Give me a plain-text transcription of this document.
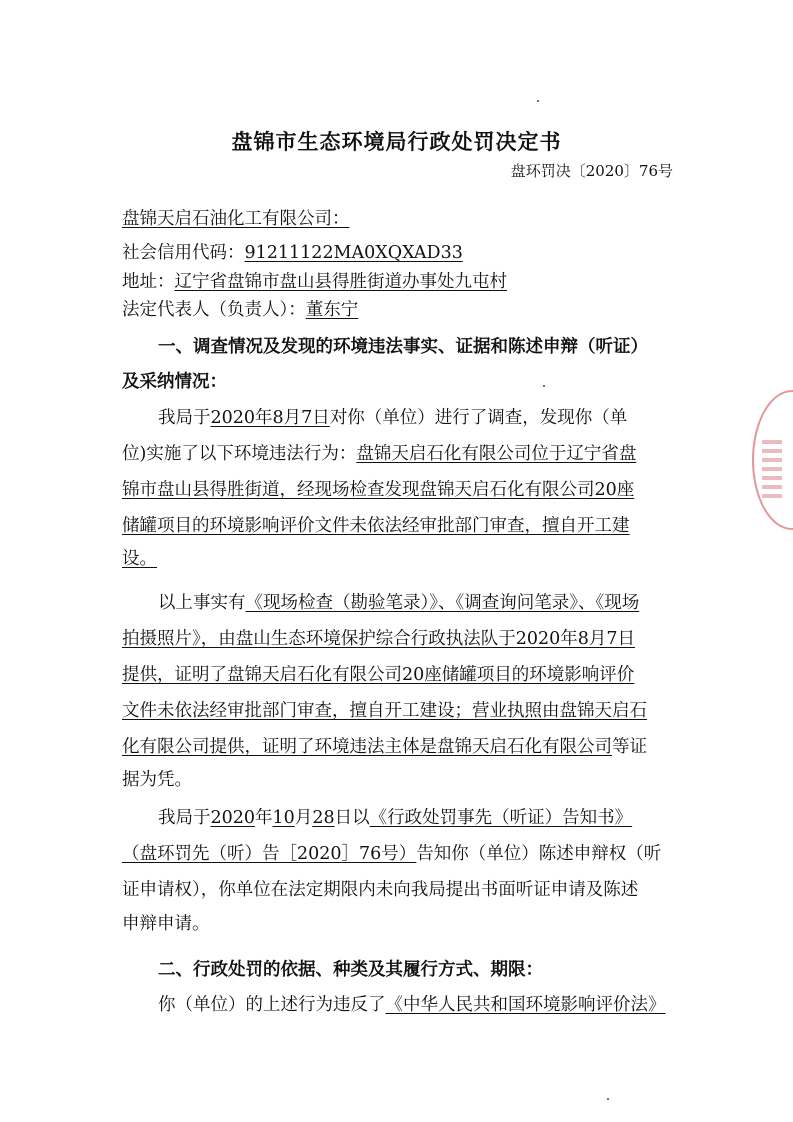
盘锦市生态环境局行政处罚决定书
盘环罚决〔2020〕76号
盘锦天启石油化工有限公司：
社会信用代码：91211122MA0XQXAD33
地址：辽宁省盘锦市盘山县得胜街道办事处九屯村
法定代表人（负责人）：董东宁
一、调查情况及发现的环境违法事实、证据和陈述申辩（听证）
及采纳情况：
我局于2020年8月7日对你（单位）进行了调查，发现你（单
位)实施了以下环境违法行为：盘锦天启石化有限公司位于辽宁省盘
锦市盘山县得胜街道，经现场检查发现盘锦天启石化有限公司20座
储罐项目的环境影响评价文件未依法经审批部门审查，擅自开工建
设。
以上事实有《现场检查（勘验笔录）》、《调查询问笔录》、《现场
拍摄照片》，由盘山生态环境保护综合行政执法队于2020年8月7日
提供，证明了盘锦天启石化有限公司20座储罐项目的环境影响评价
文件未依法经审批部门审查，擅自开工建设；营业执照由盘锦天启石
化有限公司提供，证明了环境违法主体是盘锦天启石化有限公司等证
据为凭。
我局于2020年10月28日以《行政处罚事先（听证）告知书》
（盘环罚先（听）告［2020］76号）告知你（单位）陈述申辩权（听
证申请权），你单位在法定期限内未向我局提出书面听证申请及陈述
申辩申请。
二、行政处罚的依据、种类及其履行方式、期限：
你（单位）的上述行为违反了《中华人民共和国环境影响评价法》
